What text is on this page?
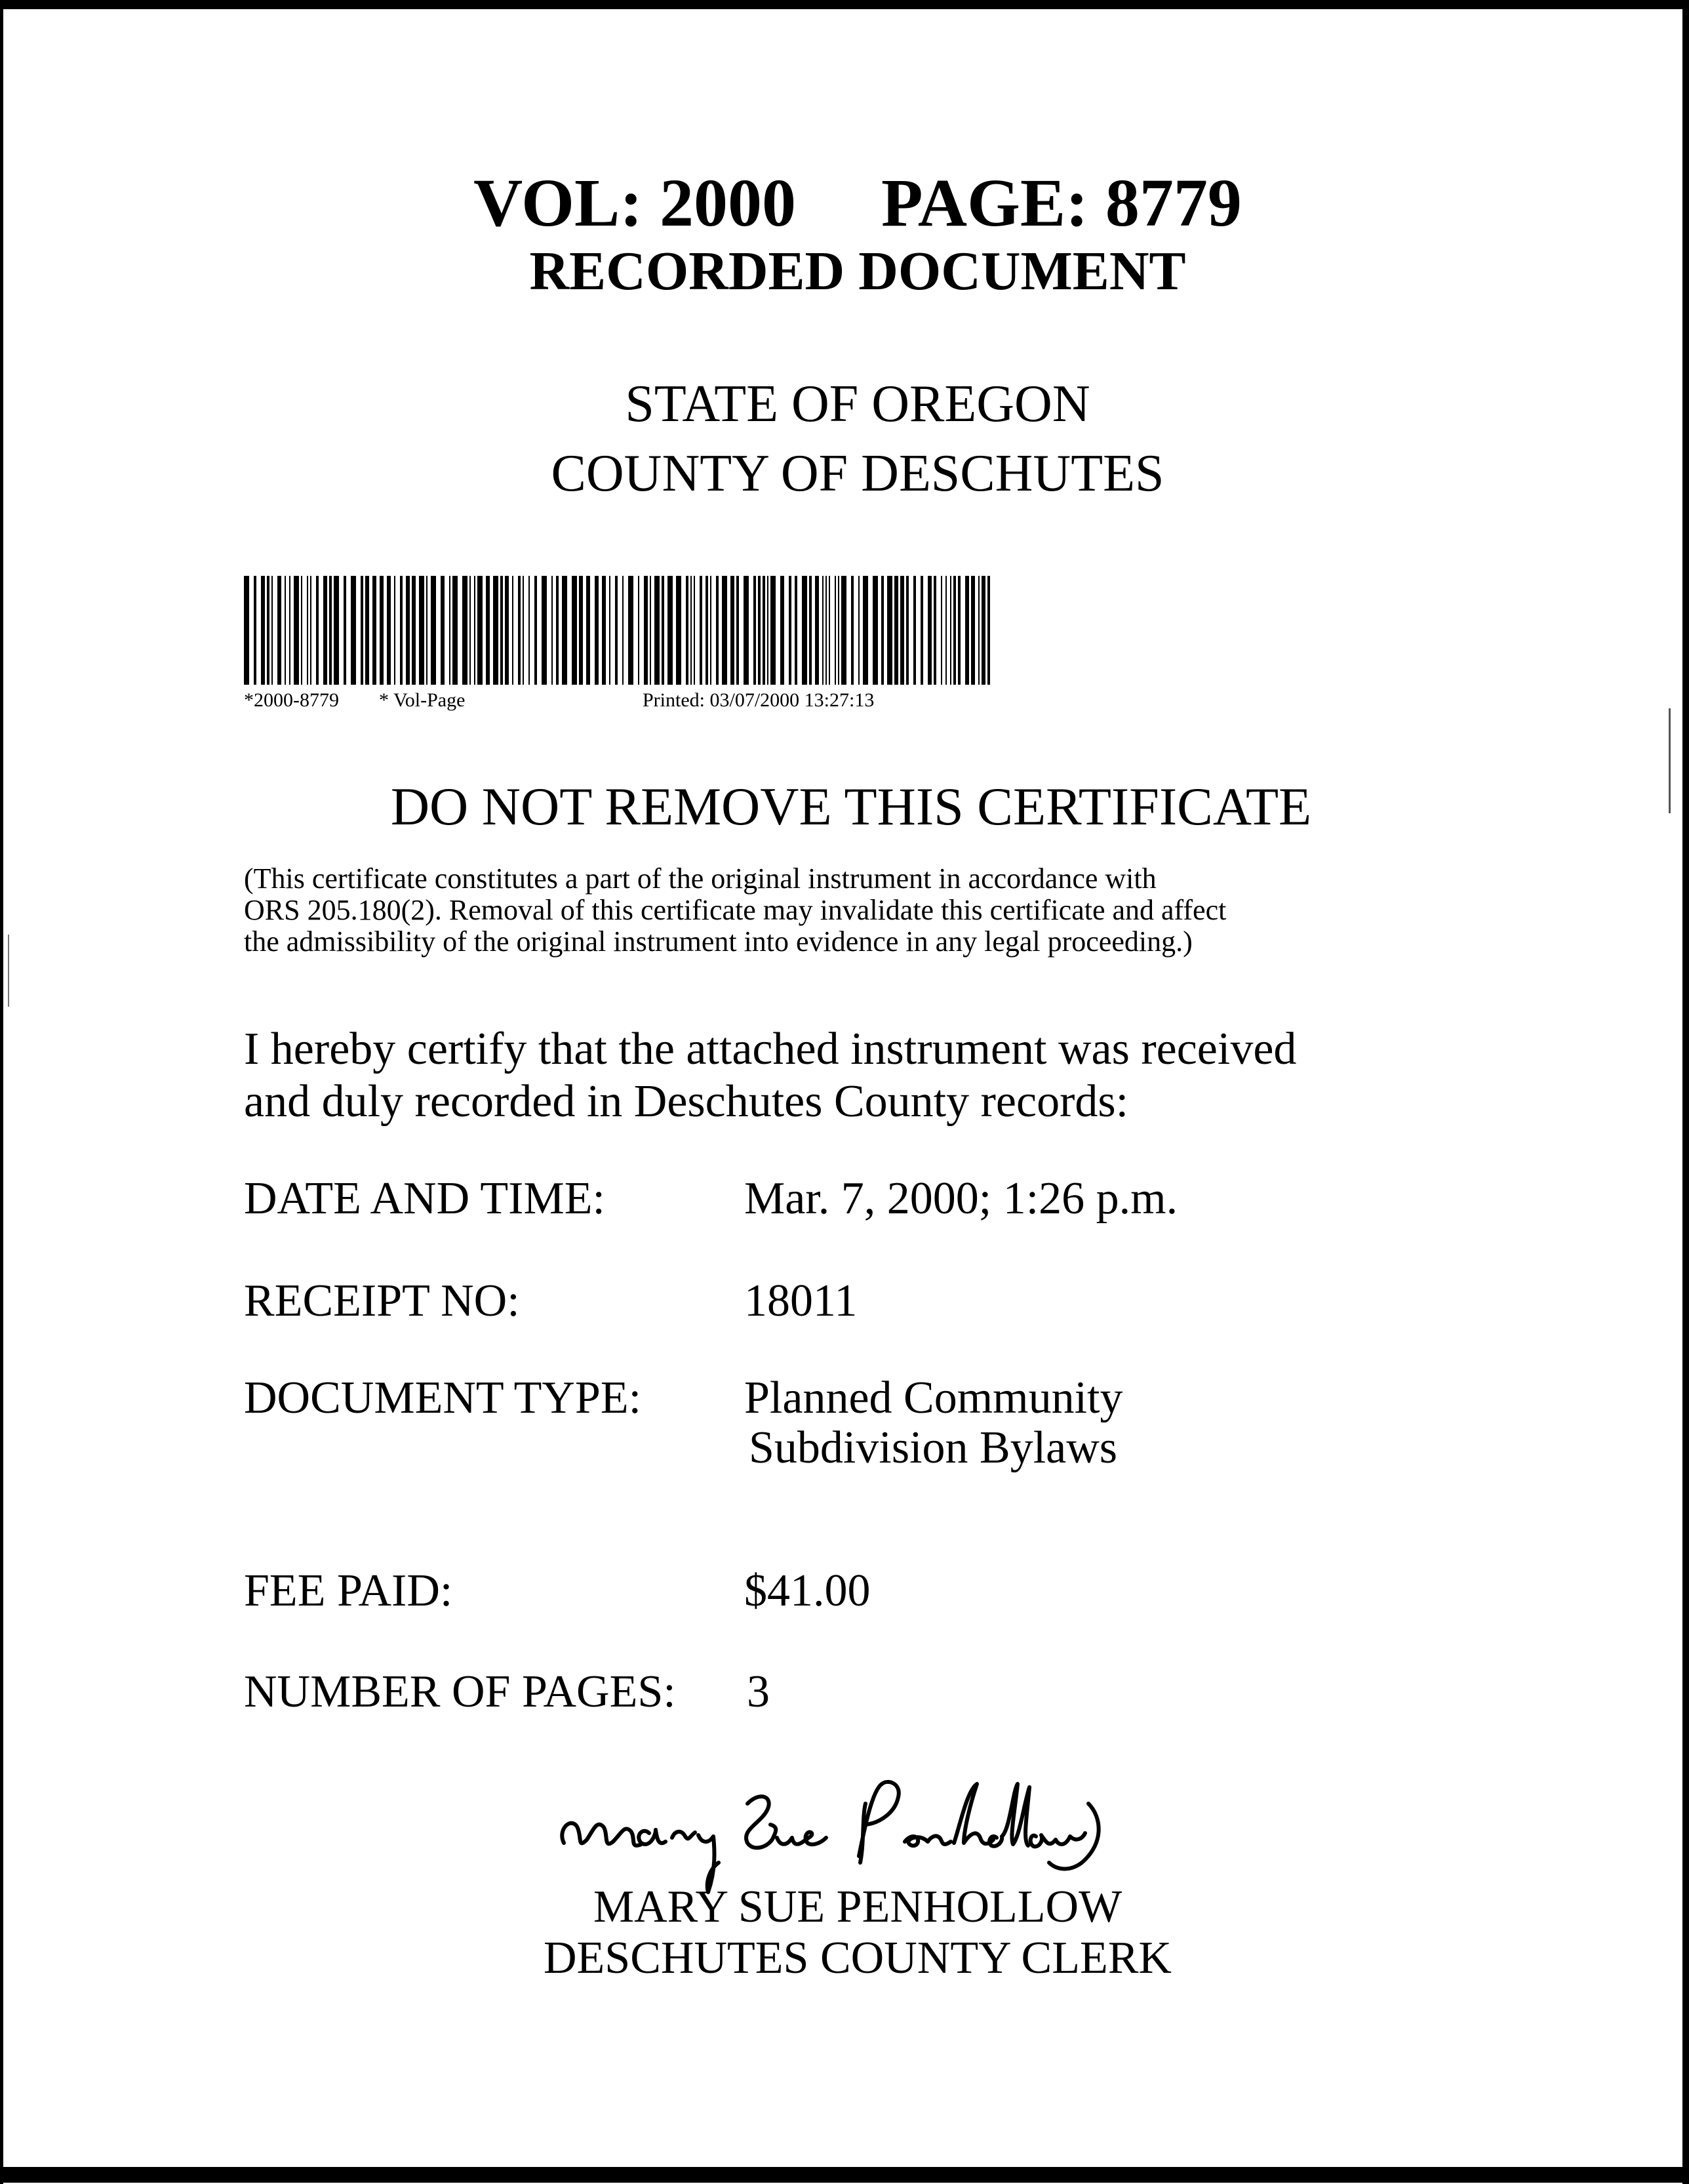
VOL: 2000 PAGE: 8779
RECORDED DOCUMENT
STATE OF OREGON
COUNTY OF DESCHUTES
*2000-8779 * Vol-Page	Printed: 03/07/2000 13:27:13
DO NOT REMOVE THIS CERTIFICATE
(This certificate constitutes a part of the original instrument in accordance with
ORS 205.180(2). Removal of this certificate may invalidate this certificate and affect
the admissibility of the original instrument into evidence in any legal proceeding.)
I hereby certify that the attached instrument was received
and duly recorded in Deschutes County records:
DATE AND TIME:	Mar. 7, 2000; 1:26 p.m.
RECEIPT NO:	18011
DOCUMENT TYPE: Planned Community
Subdivision Bylaws
FEE PAID:	$41.00
NUMBER OF PAGES: 3
MARY SUE PENHOLLOW
DESCHUTES COUNTY CLERK
